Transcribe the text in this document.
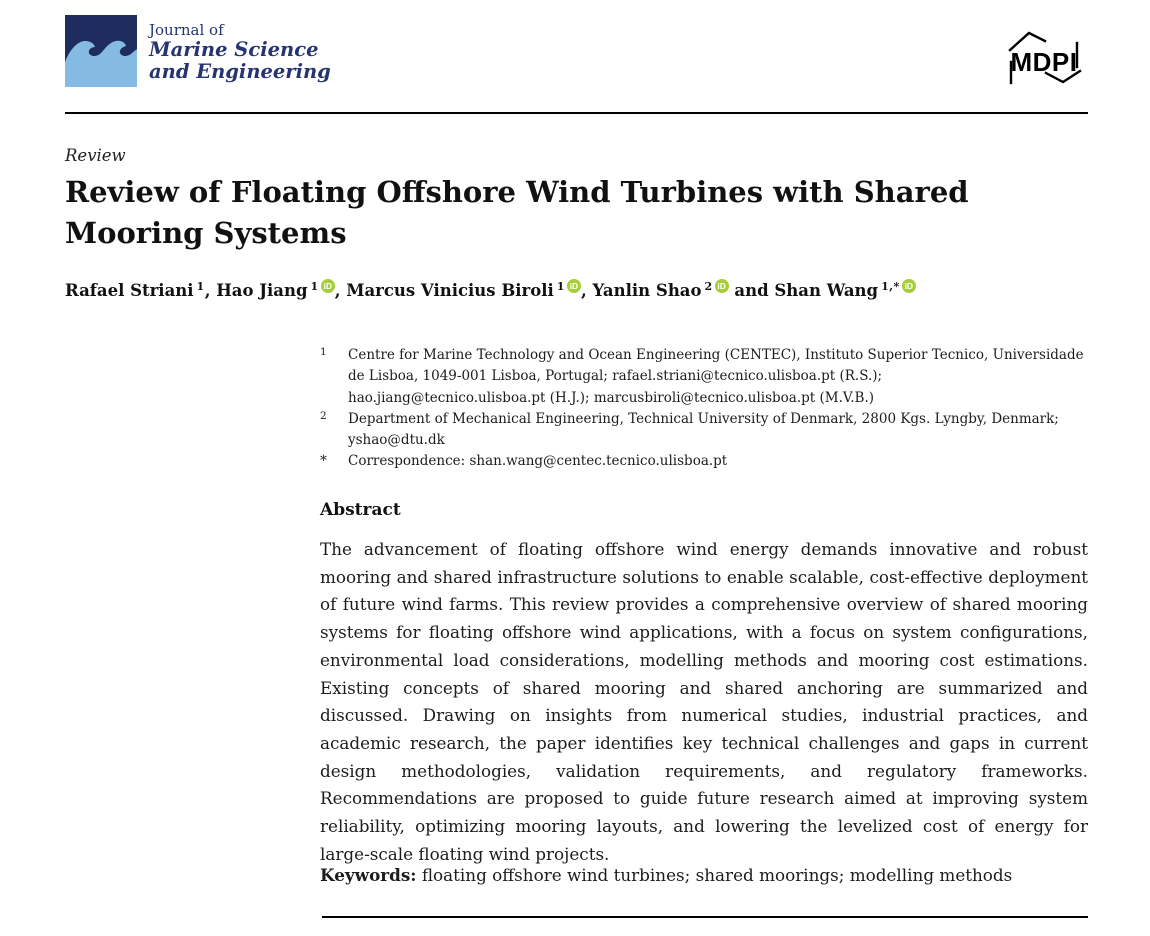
Journal of
Marine Science
and Engineering	MDPI
Review
Review of Floating Offshore Wind Turbines with Shared
Mooring Systems
Rafael Striani $^1$, Hao Jiang $^1$ iD , Marcus Vinicius Biroli $^1$ iD , Yanlin Shao $^2$ iD and Shan Wang $^{1,*}$ iD
1	Centre for Marine Technology and Ocean Engineering (CENTEC), Instituto Superior Tecnico, Universidade
de Lisboa, 1049-001 Lisboa, Portugal; rafael.striani@tecnico.ulisboa.pt (R.S.);
hao.jiang@tecnico.ulisboa.pt (H.J.); marcusbiroli@tecnico.ulisboa.pt (M.V.B.)
2	Department of Mechanical Engineering, Technical University of Denmark, 2800 Kgs. Lyngby, Denmark;
yshao@dtu.dk
*	Correspondence: shan.wang@centec.tecnico.ulisboa.pt
Abstract

The advancement of floating offshore wind energy demands innovative and robust mooring and shared infrastructure solutions to enable scalable, cost-effective deployment of future wind farms. This review provides a comprehensive overview of shared mooring systems for floating offshore wind applications, with a focus on system configurations, environmental load considerations, modelling methods and mooring cost estimations. Existing concepts of shared mooring and shared anchoring are summarized and discussed. Drawing on insights from numerical studies, industrial practices, and academic research, the paper identifies key technical challenges and gaps in current design methodologies, validation requirements, and regulatory frameworks. Recommendations are proposed to guide future research aimed at improving system reliability, optimizing mooring layouts, and lowering the levelized cost of energy for large-scale floating wind projects.

Keywords: floating offshore wind turbines; shared moorings; modelling methods
